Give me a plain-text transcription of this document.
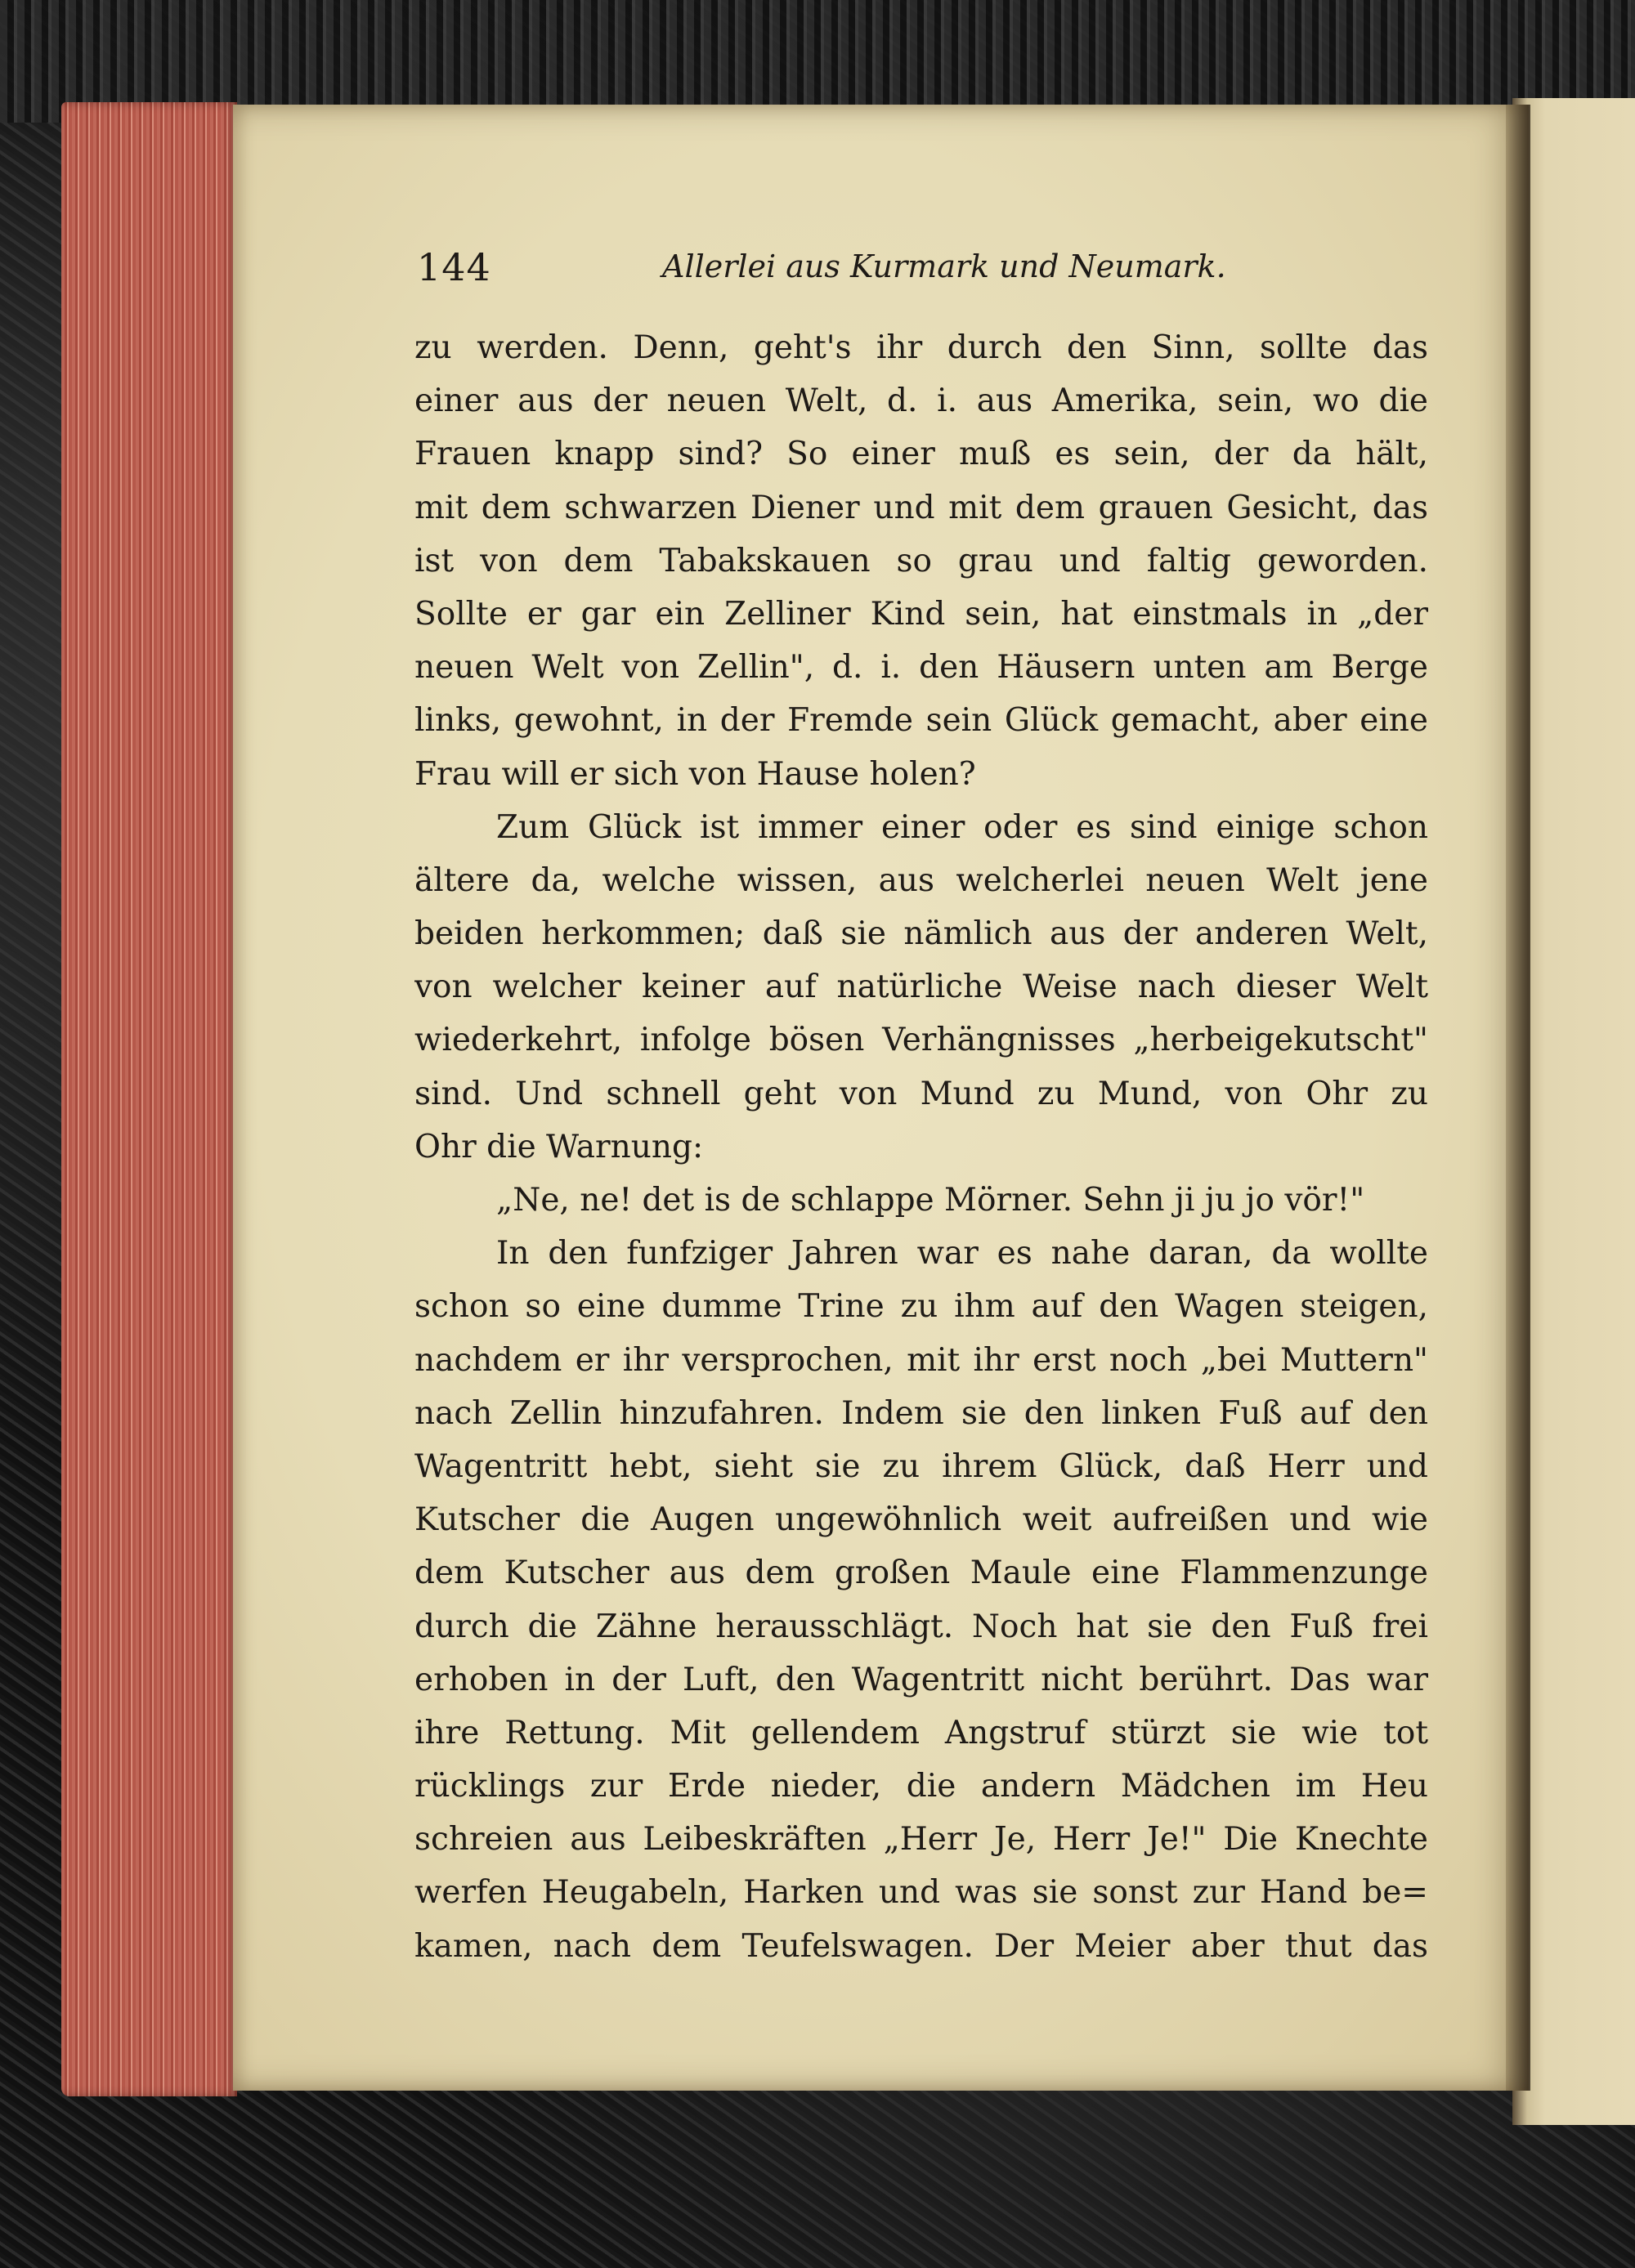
144	Allerlei aus Kurmark und Neumark.
zu werden. Denn, geht's ihr durch den Sinn, sollte das
einer aus der neuen Welt, d. i. aus Amerika, sein, wo die
Frauen knapp sind? So einer muß es sein, der da hält,
mit dem schwarzen Diener und mit dem grauen Gesicht, das
ist von dem Tabakskauen so grau und faltig geworden.
Sollte er gar ein Zelliner Kind sein, hat einstmals in „der
neuen Welt von Zellin", d. i. den Häusern unten am Berge
links, gewohnt, in der Fremde sein Glück gemacht, aber eine
Frau will er sich von Hause holen?
Zum Glück ist immer einer oder es sind einige schon
ältere da, welche wissen, aus welcherlei neuen Welt jene
beiden herkommen; daß sie nämlich aus der anderen Welt,
von welcher keiner auf natürliche Weise nach dieser Welt
wiederkehrt, infolge bösen Verhängnisses „herbeigekutscht"
sind. Und schnell geht von Mund zu Mund, von Ohr zu
Ohr die Warnung:
„Ne, ne! det is de schlappe Mörner. Sehn ji ju jo vör!"
In den funfziger Jahren war es nahe daran, da wollte
schon so eine dumme Trine zu ihm auf den Wagen steigen,
nachdem er ihr versprochen, mit ihr erst noch „bei Muttern"
nach Zellin hinzufahren. Indem sie den linken Fuß auf den
Wagentritt hebt, sieht sie zu ihrem Glück, daß Herr und
Kutscher die Augen ungewöhnlich weit aufreißen und wie
dem Kutscher aus dem großen Maule eine Flammenzunge
durch die Zähne herausschlägt. Noch hat sie den Fuß frei
erhoben in der Luft, den Wagentritt nicht berührt. Das war
ihre Rettung. Mit gellendem Angstruf stürzt sie wie tot
rücklings zur Erde nieder, die andern Mädchen im Heu
schreien aus Leibeskräften „Herr Je, Herr Je!" Die Knechte
werfen Heugabeln, Harken und was sie sonst zur Hand be=
kamen, nach dem Teufelswagen. Der Meier aber thut das
